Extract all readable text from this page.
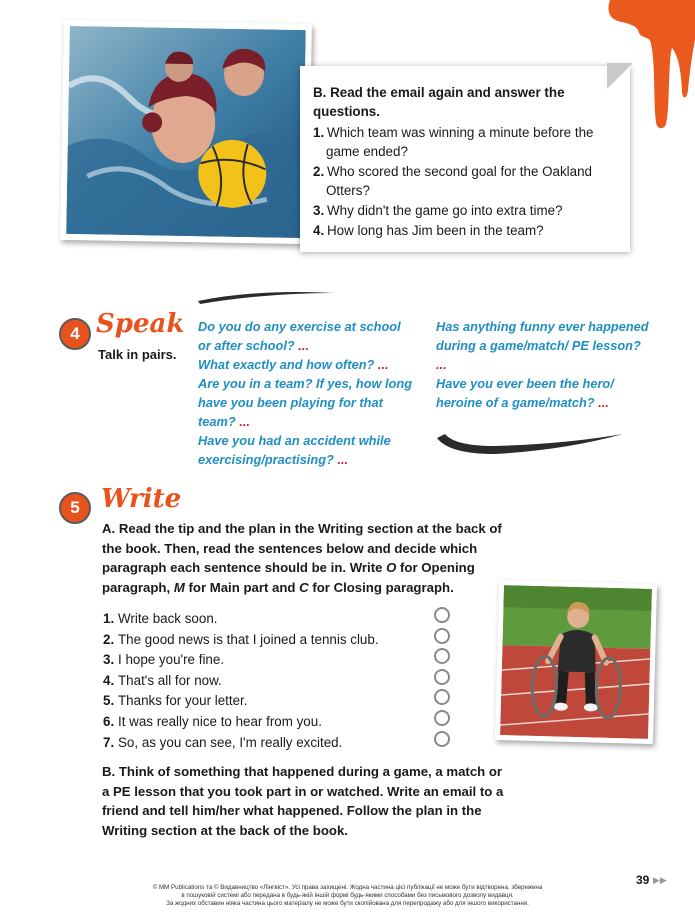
B. Read the email again and answer the questions.
1. Which team was winning a minute before the game ended?
2. Who scored the second goal for the Oakland Otters?
3. Why didn't the game go into extra time?
4. How long has Jim been in the team?
4 Speak
Talk in pairs.

Do you do any exercise at school or after school? ...

What exactly and how often? ...

Are you in a team? If yes, how long have you been playing for that team? ...

Have you had an accident while exercising/practising? ...

Has anything funny ever happened during a game/match/ PE lesson? ...

Have you ever been the hero/ heroine of a game/match? ...

5 Write
A. Read the tip and the plan in the Writing section at the back of the book. Then, read the sentences below and decide which paragraph each sentence should be in. Write O for Opening paragraph, M for Main part and C for Closing paragraph.
1. Write back soon.
2. The good news is that I joined a tennis club.
3. I hope you're fine.
4. That's all for now.
5. Thanks for your letter.
6. It was really nice to hear from you.
7. So, as you can see, I'm really excited.
B. Think of something that happened during a game, a match or a PE lesson that you took part in or watched. Write an email to a friend and tell him/her what happened. Follow the plan in the Writing section at the back of the book.
© MM Publications та © Видавництво «Лінгвіст». Усі права захищені. Жодна частина цієї публікації не може бути відтворена, збережена
в пошуковій системі або передана в будь-якій іншій формі будь-якими способами без письмового дозволу видавця.
За жодних обставин ніяка частина цього матеріалу не може бути скопійована для перепродажу або для іншого використання.
39 ▶▶
